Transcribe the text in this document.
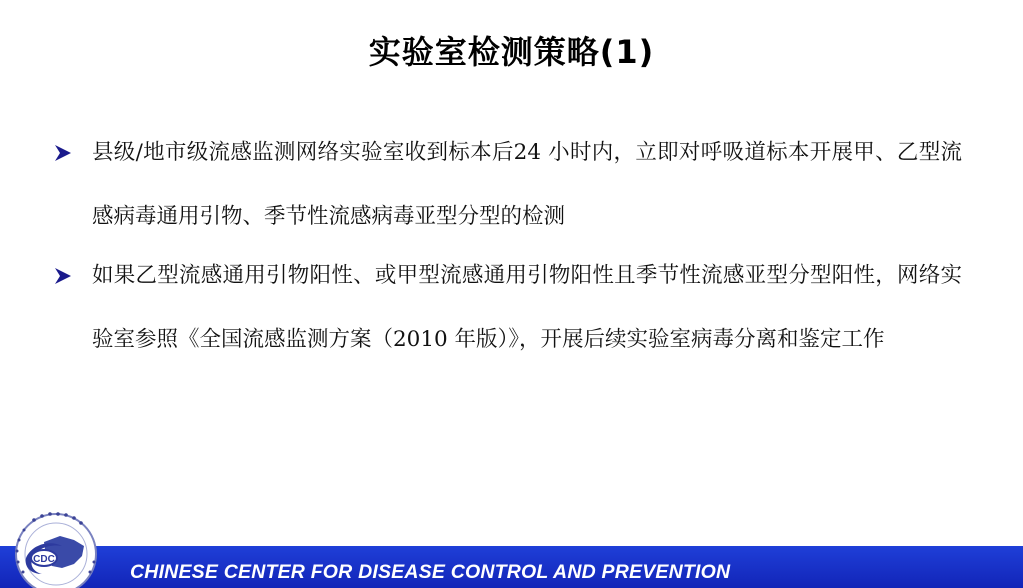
实验室检测策略(1)
县级/地市级流感监测网络实验室收到标本后24 小时内，立即对呼吸道标本开展甲、乙型流感病毒通用引物、季节性流感病毒亚型分型的检测
如果乙型流感通用引物阳性、或甲型流感通用引物阳性且季节性流感亚型分型阳性，网络实验室参照《全国流感监测方案（2010 年版）》，开展后续实验室病毒分离和鉴定工作
CHINESE CENTER FOR DISEASE CONTROL AND PREVENTION
CDC
